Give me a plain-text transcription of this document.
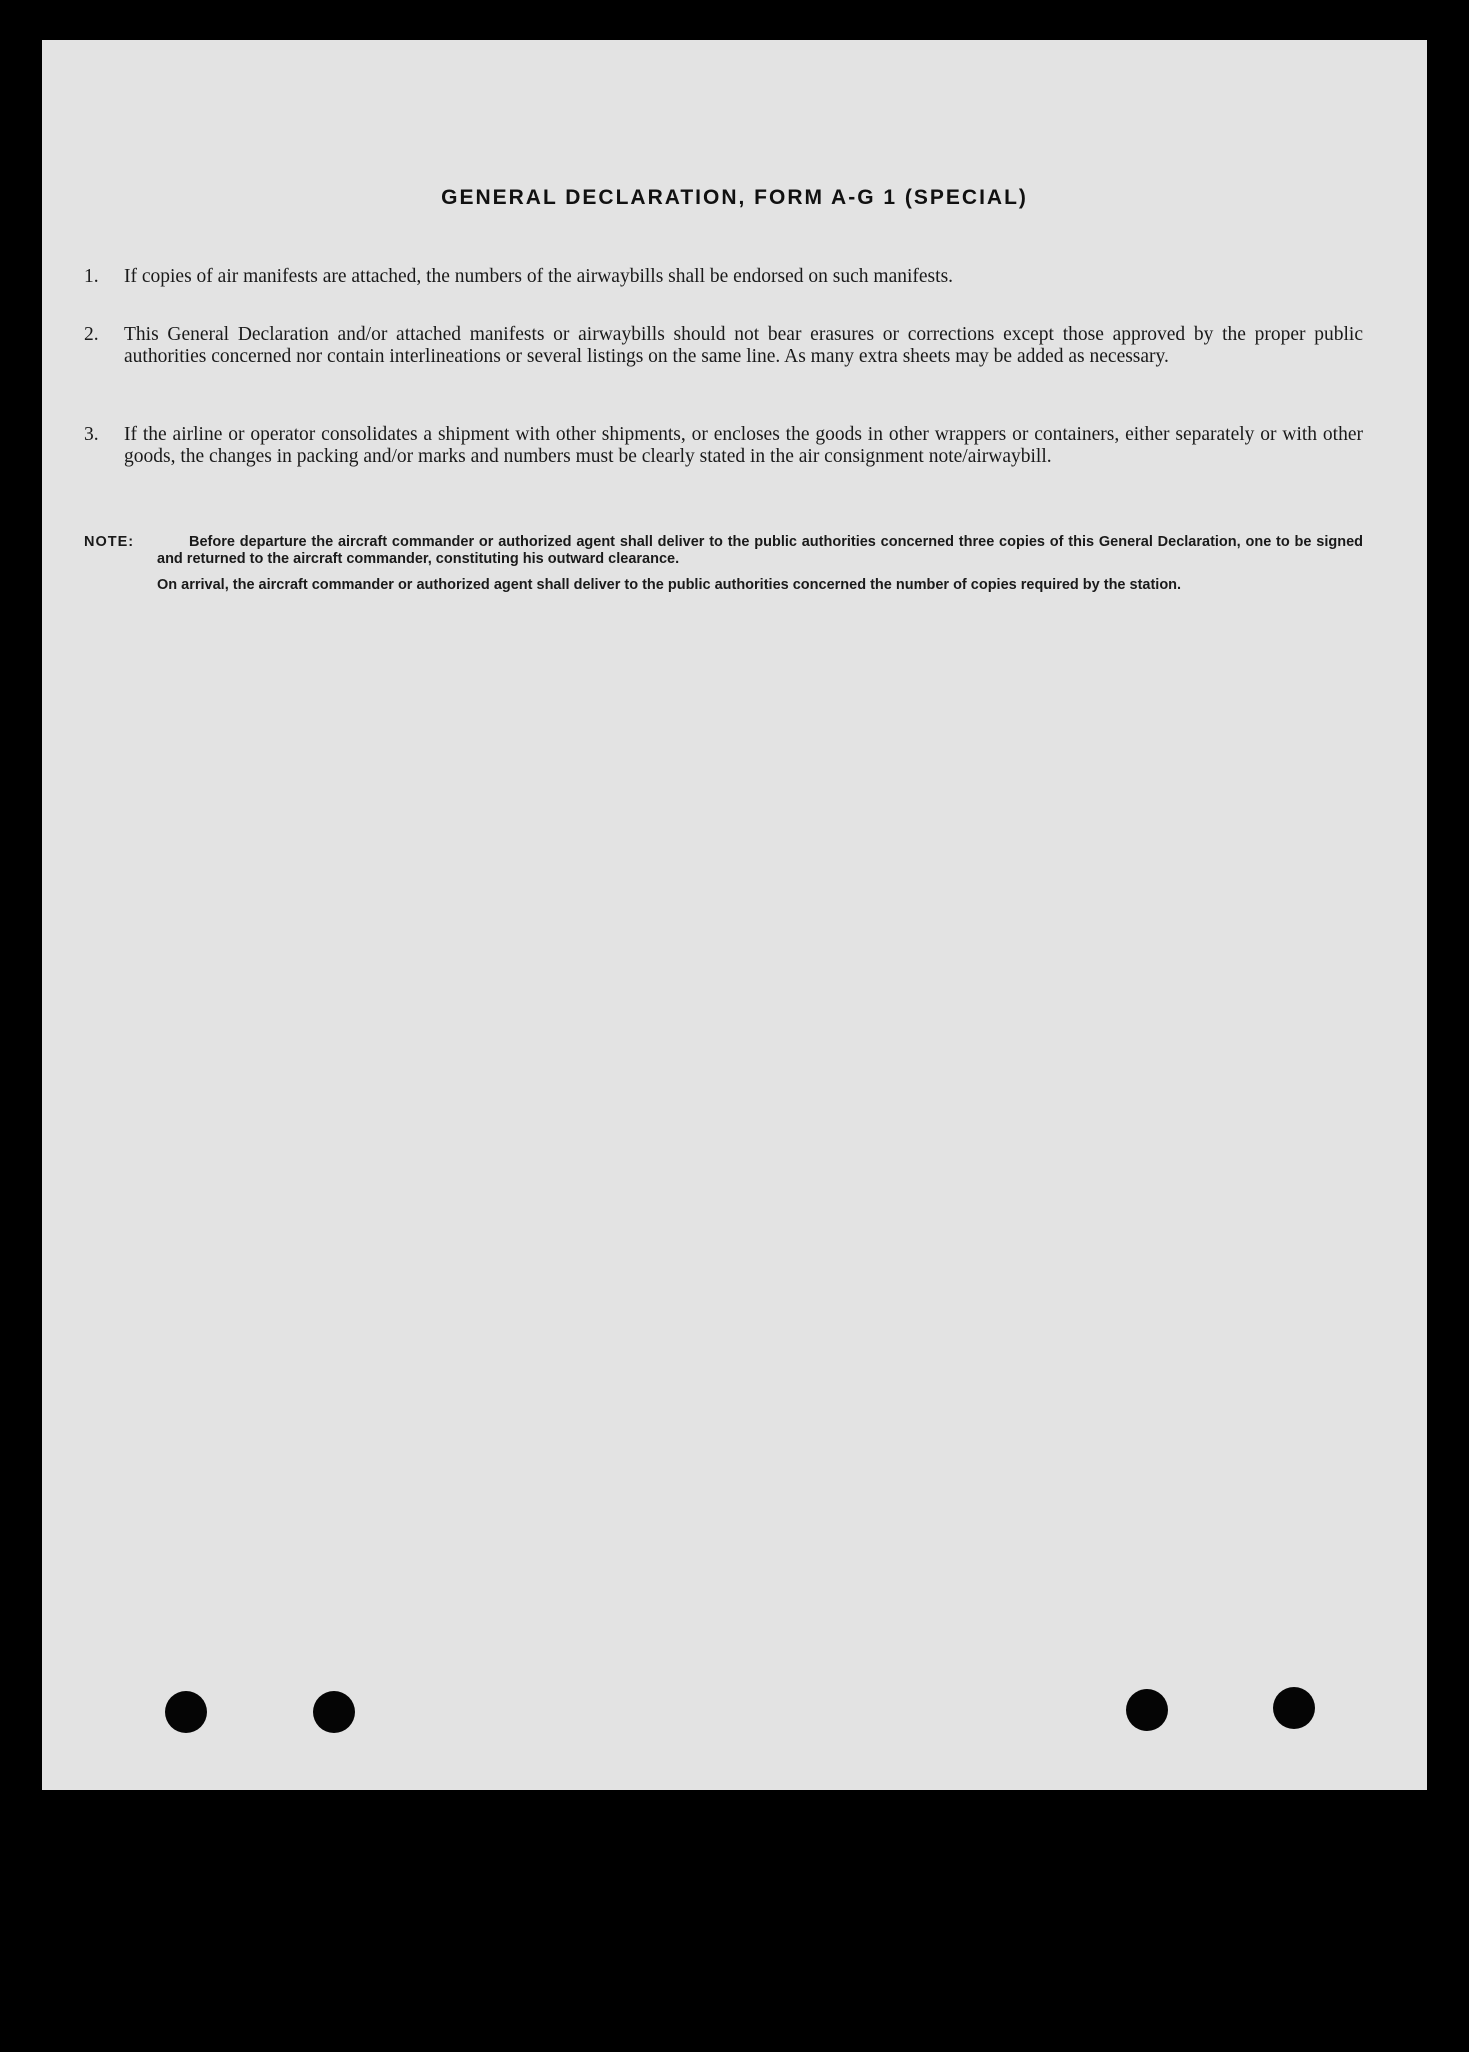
GENERAL DECLARATION, FORM A-G 1 (SPECIAL)
1. If copies of air manifests are attached, the numbers of the airwaybills shall be endorsed on such manifests.
2. This General Declaration and/or attached manifests or airwaybills should not bear erasures or corrections except those approved by the proper public authorities concerned nor contain interlineations or several listings on the same line. As many extra sheets may be added as necessary.
3. If the airline or operator consolidates a shipment with other shipments, or encloses the goods in other wrappers or containers, either separately or with other goods, the changes in packing and/or marks and numbers must be clearly stated in the air consignment note/airwaybill.
NOTE:	Before departure the aircraft commander or authorized agent shall deliver to the public authorities concerned three copies of this General Declaration, one to be signed and returned to the aircraft commander, constituting his outward clearance.
On arrival, the aircraft commander or authorized agent shall deliver to the public authorities concerned the number of copies required by the station.
